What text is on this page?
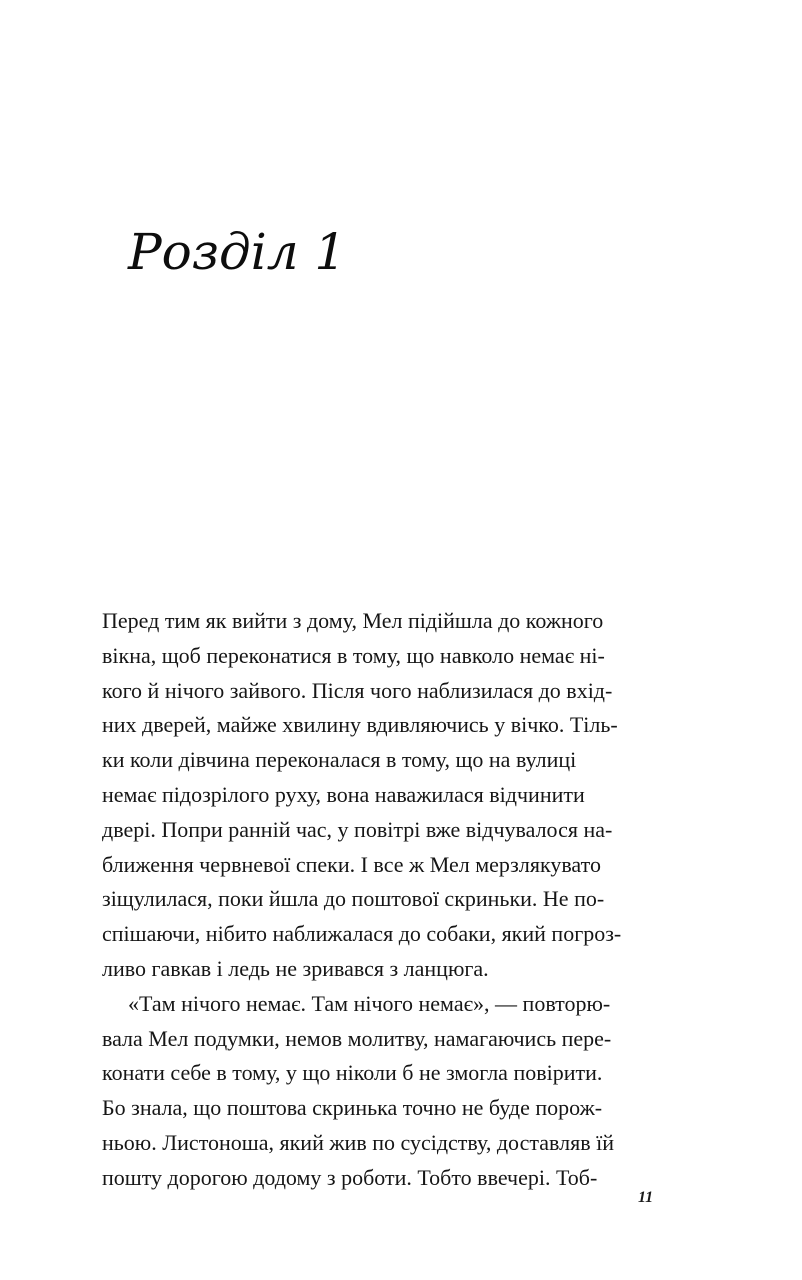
Розділ 1
Перед тим як вийти з дому, Мел підійшла до кожного
вікна, щоб переконатися в тому, що навколо немає ні-
кого й нічого зайвого. Після чого наблизилася до вхід-
них дверей, майже хвилину вдивляючись у вічко. Тіль-
ки коли дівчина переконалася в тому, що на вулиці
немає підозрілого руху, вона наважилася відчинити
двері. Попри ранній час, у повітрі вже відчувалося на-
ближення червневої спеки. І все ж Мел мерзлякувато
зіщулилася, поки йшла до поштової скриньки. Не по-
спішаючи, нібито наближалася до собаки, який погроз-
ливо гавкав і ледь не зривався з ланцюга.
«Там нічого немає. Там нічого немає», — повторю-
вала Мел подумки, немов молитву, намагаючись пере-
конати себе в тому, у що ніколи б не змогла повірити.
Бо знала, що поштова скринька точно не буде порож-
ньою. Листоноша, який жив по сусідству, доставляв їй
пошту дорогою додому з роботи. Тобто ввечері. Тоб-
11
